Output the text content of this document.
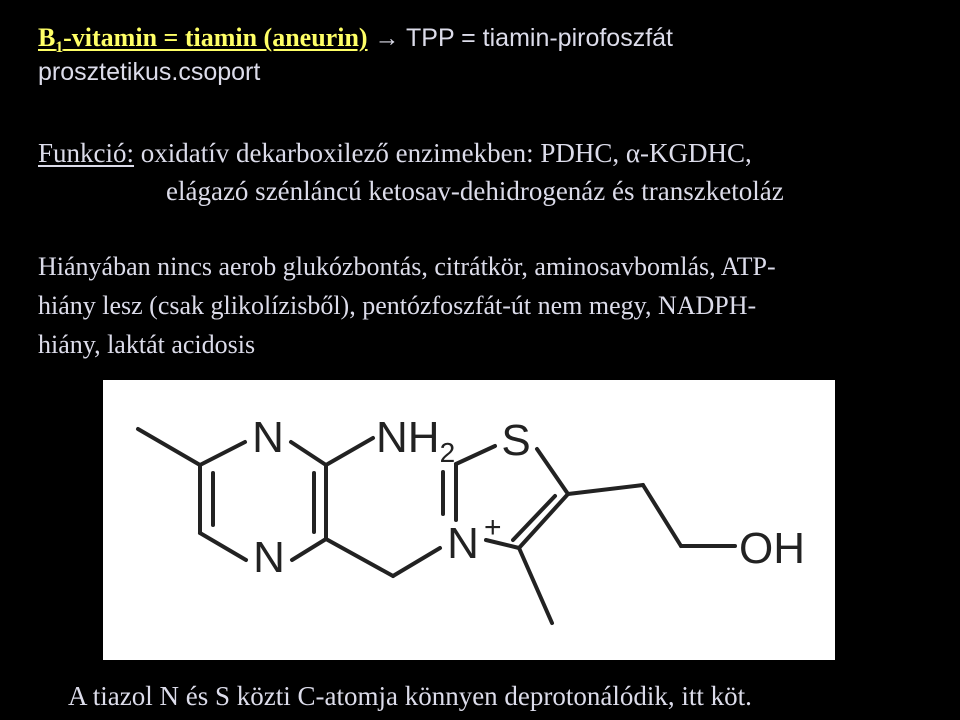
$B_1$-vitamin = tiamin (aneurin) → TPP = tiamin-pirofoszfát
prosztetikus.csoport
Funkció: oxidatív dekarboxilező enzimekben: PDHC, α-KGDHC,
elágazó szénláncú ketosav-dehidrogenáz és transzketoláz
Hiányában nincs aerob glukózbontás, citrátkör, aminosavbomlás, ATP-
hiány lesz (csak glikolízisből), pentózfoszfát-út nem megy, NADPH-
hiány, laktát acidosis
N
N
$NH_2$ S
N +	OH
A tiazol N és S közti C-atomja könnyen deprotonálódik, itt köt.
